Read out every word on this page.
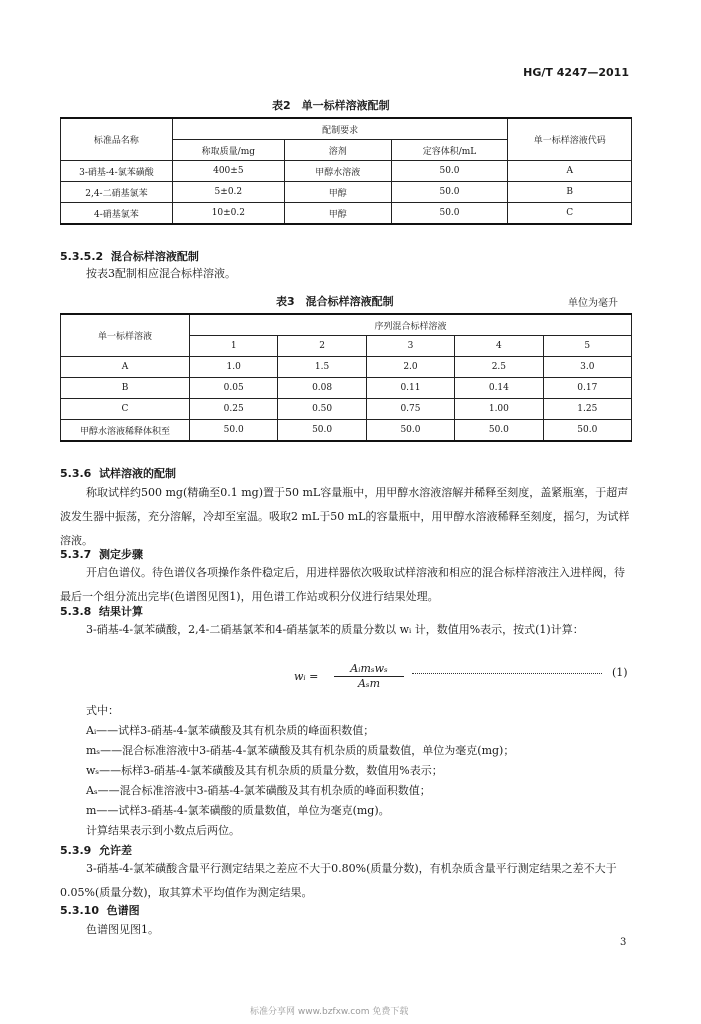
HG/T 4247—2011
表2　单一标样溶液配制
标准品名称	配制要求			单一标样溶液代码
	称取质量/mg	溶剂	定容体积/mL	
3-硝基-4-氯苯磺酸	400±5	甲醇水溶液	50.0	A
2,4-二硝基氯苯	5±0.2	甲醇	50.0	B
4-硝基氯苯	10±0.2	甲醇	50.0	C
5.3.5.2 混合标样溶液配制
按表3配制相应混合标样溶液。
表3　混合标样溶液配制	单位为毫升
单一标样溶液	序列混合标样溶液				
	1	2	3	4	5
A	1.0	1.5	2.0	2.5	3.0
B	0.05	0.08	0.11	0.14	0.17
C	0.25	0.50	0.75	1.00	1.25
甲醇水溶液稀释体积至	50.0	50.0	50.0	50.0	50.0
5.3.6 试样溶液的配制
称取试样约500 mg(精确至0.1 mg)置于50 mL容量瓶中，用甲醇水溶液溶解并稀释至刻度，盖紧瓶塞，于超声波发生器中振荡，充分溶解，冷却至室温。吸取2 mL于50 mL的容量瓶中，用甲醇水溶液稀释至刻度，摇匀，为试样溶液。
5.3.7 测定步骤
开启色谱仪。待色谱仪各项操作条件稳定后，用进样器依次吸取试样溶液和相应的混合标样溶液注入进样阀，待最后一个组分流出完毕(色谱图见图1)，用色谱工作站或积分仪进行结果处理。
5.3.8 结果计算
3-硝基-4-氯苯磺酸，2,4-二硝基氯苯和4-硝基氯苯的质量分数以 wᵢ 计，数值用%表示，按式(1)计算：
wᵢ =
Aᵢmₛwₛ
Aₛm
(1)
式中：
Aᵢ——试样3-硝基-4-氯苯磺酸及其有机杂质的峰面积数值；
mₛ——混合标准溶液中3-硝基-4-氯苯磺酸及其有机杂质的质量数值，单位为毫克(mg)；
wₛ——标样3-硝基-4-氯苯磺酸及其有机杂质的质量分数，数值用%表示；
Aₛ——混合标准溶液中3-硝基-4-氯苯磺酸及其有机杂质的峰面积数值；
m——试样3-硝基-4-氯苯磺酸的质量数值，单位为毫克(mg)。
计算结果表示到小数点后两位。
5.3.9 允许差
3-硝基-4-氯苯磺酸含量平行测定结果之差应不大于0.80%(质量分数)，有机杂质含量平行测定结果之差不大于0.05%(质量分数)，取其算术平均值作为测定结果。
5.3.10 色谱图
色谱图见图1。
3
标准分享网 www.bzfxw.com 免费下载
